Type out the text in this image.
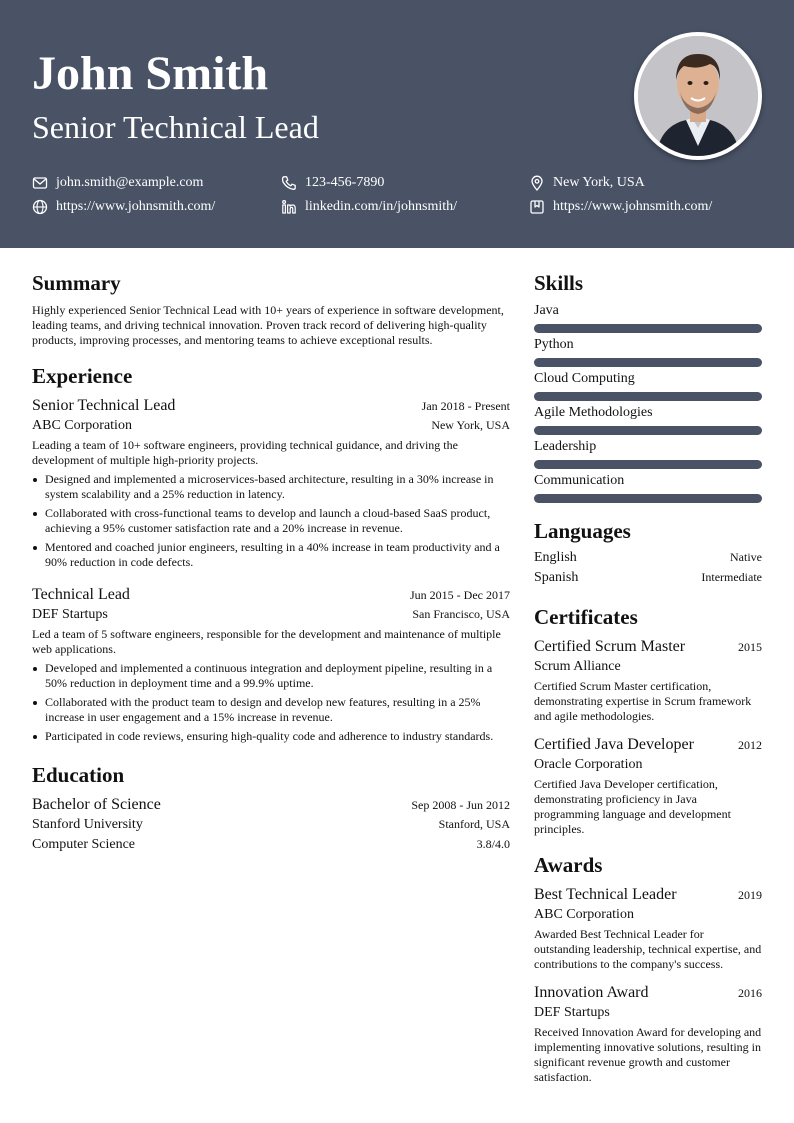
John Smith
Senior Technical Lead
john.smith@example.com	123-456-7890	New York, USA
https://www.johnsmith.com/	linkedin.com/in/johnsmith/	https://www.johnsmith.com/
Summary
Highly experienced Senior Technical Lead with 10+ years of experience in software development, leading teams, and driving technical innovation. Proven track record of delivering high-quality products, improving processes, and mentoring teams to achieve exceptional results.
Experience
Senior Technical Lead	Jan 2018 - Present
ABC Corporation	New York, USA
Leading a team of 10+ software engineers, providing technical guidance, and driving the development of multiple high-priority projects.
Designed and implemented a microservices-based architecture, resulting in a 30% increase in system scalability and a 25% reduction in latency.
Collaborated with cross-functional teams to develop and launch a cloud-based SaaS product, achieving a 95% customer satisfaction rate and a 20% increase in revenue.
Mentored and coached junior engineers, resulting in a 40% increase in team productivity and a 90% reduction in code defects.
Technical Lead	Jun 2015 - Dec 2017
DEF Startups	San Francisco, USA
Led a team of 5 software engineers, responsible for the development and maintenance of multiple web applications.
Developed and implemented a continuous integration and deployment pipeline, resulting in a 50% reduction in deployment time and a 99.9% uptime.
Collaborated with the product team to design and develop new features, resulting in a 25% increase in user engagement and a 15% increase in revenue.
Participated in code reviews, ensuring high-quality code and adherence to industry standards.
Education
Bachelor of Science	Sep 2008 - Jun 2012
Stanford University	Stanford, USA
Computer Science	3.8/4.0
Skills
Java
Python
Cloud Computing
Agile Methodologies
Leadership
Communication
Languages
English	Native
Spanish	Intermediate
Certificates
Certified Scrum Master	2015
Scrum Alliance
Certified Scrum Master certification, demonstrating expertise in Scrum framework and agile methodologies.
Certified Java Developer	2012
Oracle Corporation
Certified Java Developer certification, demonstrating proficiency in Java programming language and development principles.
Awards
Best Technical Leader	2019
ABC Corporation
Awarded Best Technical Leader for outstanding leadership, technical expertise, and contributions to the company's success.
Innovation Award	2016
DEF Startups
Received Innovation Award for developing and implementing innovative solutions, resulting in significant revenue growth and customer satisfaction.
